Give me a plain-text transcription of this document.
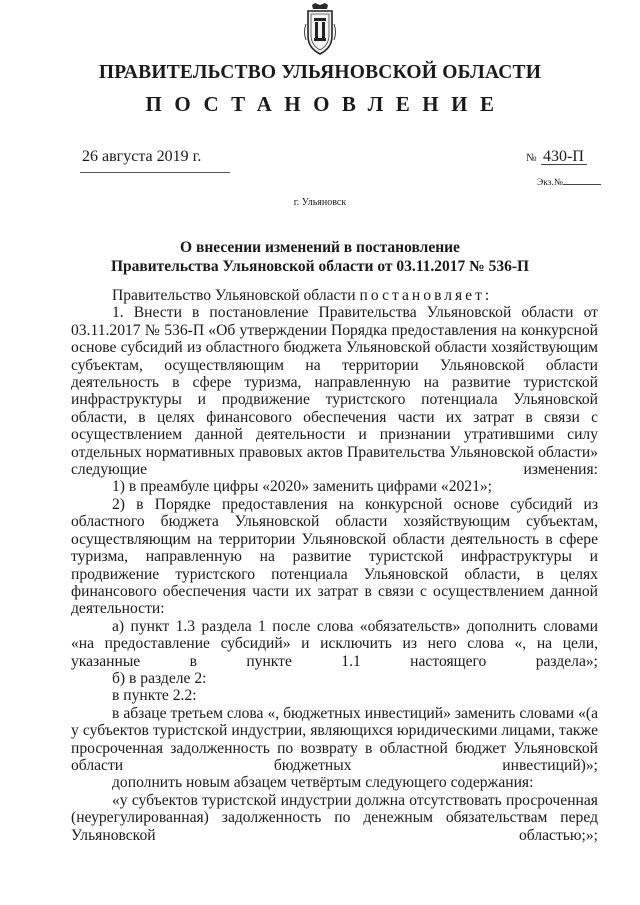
ПРАВИТЕЛЬСТВО УЛЬЯНОВСКОЙ ОБЛАСТИ
ПОСТАНОВЛЕНИЕ
26 августа 2019 г.	№ 430-П
Экз.№
г. Ульяновск
О внесении изменений в постановление
Правительства Ульяновской области от 03.11.2017 № 536-П

Правительство Ульяновской области постановляет:

1. Внести в постановление Правительства Ульяновской области от 03.11.2017 № 536-П «Об утверждении Порядка предоставления на конкурсной основе субсидий из областного бюджета Ульяновской области хозяйствующим субъектам, осуществляющим на территории Ульяновской области деятельность в сфере туризма, направленную на развитие туристской инфраструктуры и продвижение туристского потенциала Ульяновской области, в целях финансового обеспечения части их затрат в связи с осуществлением данной деятельности и признании утратившими силу отдельных нормативных правовых актов Правительства Ульяновской области» следующие изменения:

1) в преамбуле цифры «2020» заменить цифрами «2021»;

2) в Порядке предоставления на конкурсной основе субсидий из областного бюджета Ульяновской области хозяйствующим субъектам, осуществляющим на территории Ульяновской области деятельность в сфере туризма, направленную на развитие туристской инфраструктуры и продвижение туристского потенциала Ульяновской области, в целях финансового обеспечения части их затрат в связи с осуществлением данной деятельности:

а) пункт 1.3 раздела 1 после слова «обязательств» дополнить словами «на предоставление субсидий» и исключить из него слова «, на цели, указанные в пункте 1.1 настоящего раздела»;

б) в разделе 2:

в пункте 2.2:

в абзаце третьем слова «, бюджетных инвестиций» заменить словами «(а у субъектов туристской индустрии, являющихся юридическими лицами, также просроченная задолженность по возврату в областной бюджет Ульяновской области бюджетных инвестиций)»;

дополнить новым абзацем четвёртым следующего содержания:

«у субъектов туристской индустрии должна отсутствовать просроченная (неурегулированная) задолженность по денежным обязательствам перед Ульяновской областью;»;
